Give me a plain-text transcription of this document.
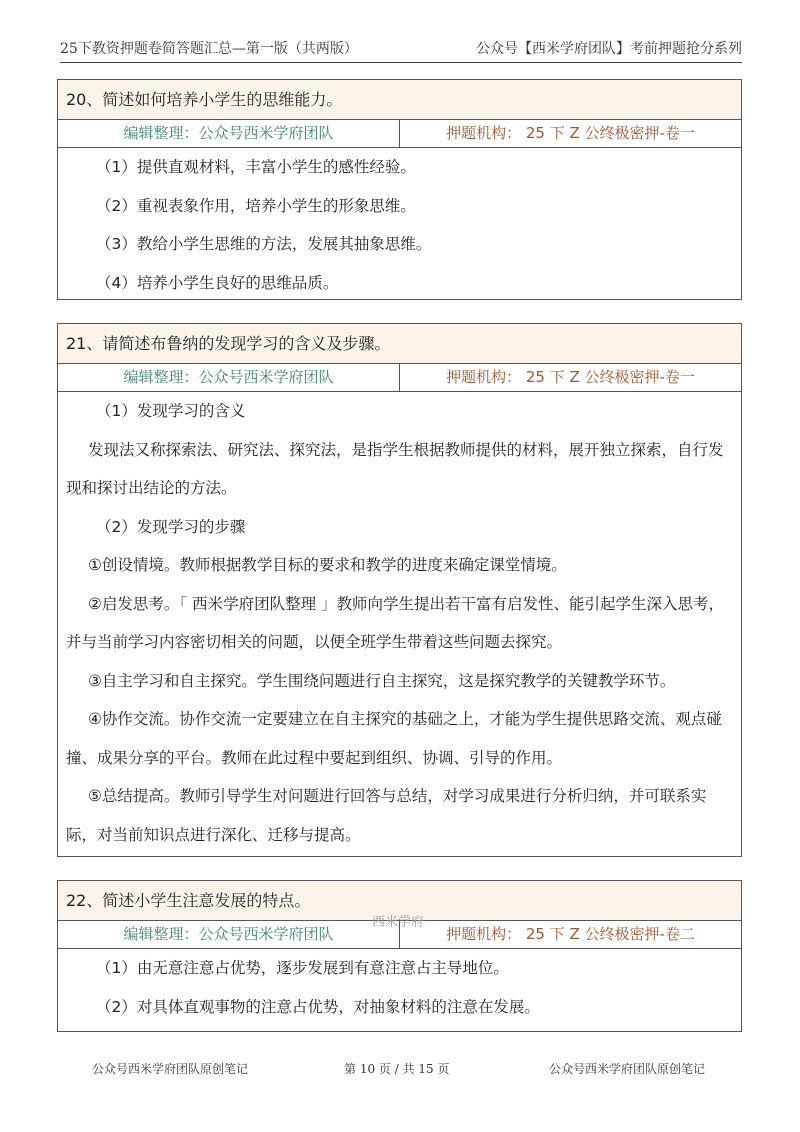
25下教资押题卷简答题汇总—第一版（共两版）	公众号【西米学府团队】考前押题抢分系列
20、简述如何培养小学生的思维能力。
编辑整理：公众号西米学府团队	押题机构： 25 下 Z 公终极密押-卷一

（1）提供直观材料，丰富小学生的感性经验。

（2）重视表象作用，培养小学生的形象思维。

（3）教给小学生思维的方法，发展其抽象思维。

（4）培养小学生良好的思维品质。

21、请简述布鲁纳的发现学习的含义及步骤。
编辑整理：公众号西米学府团队	押题机构： 25 下 Z 公终极密押-卷一

（1）发现学习的含义

发现法又称探索法、研究法、探究法，是指学生根据教师提供的材料，展开独立探索，自行发现和探讨出结论的方法。

（2）发现学习的步骤

①创设情境。教师根据教学目标的要求和教学的进度来确定课堂情境。

②启发思考。「 西米学府团队整理 」教师向学生提出若干富有启发性、能引起学生深入思考，并与当前学习内容密切相关的问题，以便全班学生带着这些问题去探究。

③自主学习和自主探究。学生围绕问题进行自主探究，这是探究教学的关键教学环节。

④协作交流。协作交流一定要建立在自主探究的基础之上，才能为学生提供思路交流、观点碰撞、成果分享的平台。教师在此过程中要起到组织、协调、引导的作用。

⑤总结提高。教师引导学生对问题进行回答与总结，对学习成果进行分析归纳，并可联系实际，对当前知识点进行深化、迁移与提高。

22、简述小学生注意发展的特点。
编辑整理：公众号西米学府团队	押题机构： 25 下 Z 公终极密押-卷二

（1）由无意注意占优势，逐步发展到有意注意占主导地位。

（2）对具体直观事物的注意占优势，对抽象材料的注意在发展。

西米学府
公众号西米学府团队原创笔记	第 10 页 / 共 15 页	公众号西米学府团队原创笔记
